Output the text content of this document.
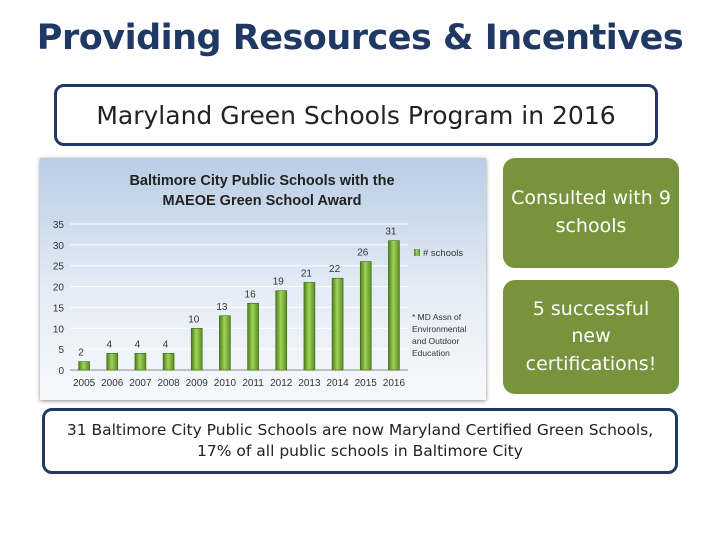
Providing Resources & Incentives
Maryland Green Schools Program in 2016
Baltimore City Public Schools with the
MAEOE Green School Award
0
5
10
15
20
25
30
35
2
2005
4
2006
4
2007
4
2008
10
2009
13
2010
16
2011
19
2012
21
2013
22
2014
26
2015
31
2016
# schools
* MD Assn of
Environmental
and Outdoor
Education
Consulted with 9 schools
5 successful new certifications!
31 Baltimore City Public Schools are now Maryland Certified Green Schools,
17% of all public schools in Baltimore City
